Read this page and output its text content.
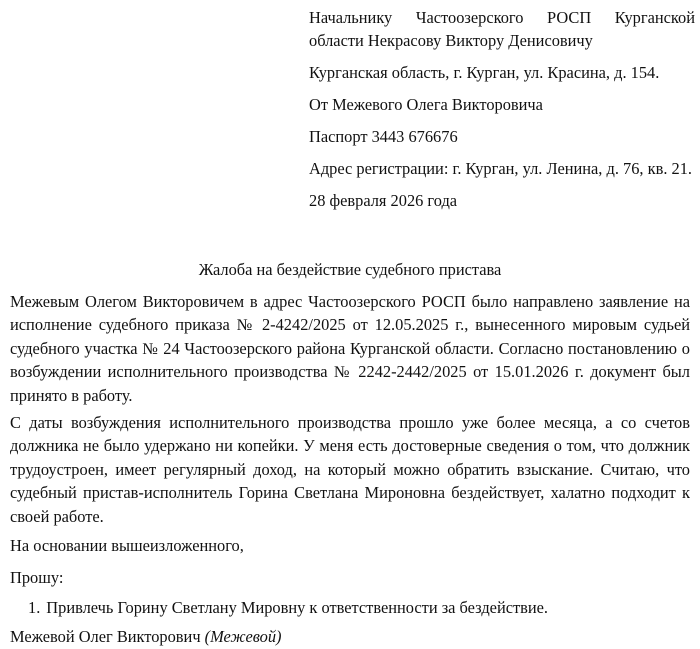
Начальнику Частоозерского РОСП Курганской области Некрасову Виктору Денисовичу

Курганская область, г. Курган, ул. Красина, д. 154.

От Межевого Олега Викторовича

Паспорт 3443 676676

Адрес регистрации: г. Курган, ул. Ленина, д. 76, кв. 21.

28 февраля 2026 года

Жалоба на бездействие судебного пристава

Межевым Олегом Викторовичем в адрес Частоозерского РОСП было направлено заявление на исполнение судебного приказа № 2-4242/2025 от 12.05.2025 г., вынесенного мировым судьей судебного участка № 24 Частоозерского района Курганской области. Согласно постановлению о возбуждении исполнительного производства № 2242-2442/2025 от 15.01.2026 г. документ был принято в работу.

С даты возбуждения исполнительного производства прошло уже более месяца, а со счетов должника не было удержано ни копейки. У меня есть достоверные сведения о том, что должник трудоустроен, имеет регулярный доход, на который можно обратить взыскание. Считаю, что судебный пристав-исполнитель Горина Светлана Мироновна бездействует, халатно подходит к своей работе.

На основании вышеизложенного,

Прошу:

1. Привлечь Горину Светлану Мировну к ответственности за бездействие.

Межевой Олег Викторович (Межевой)
